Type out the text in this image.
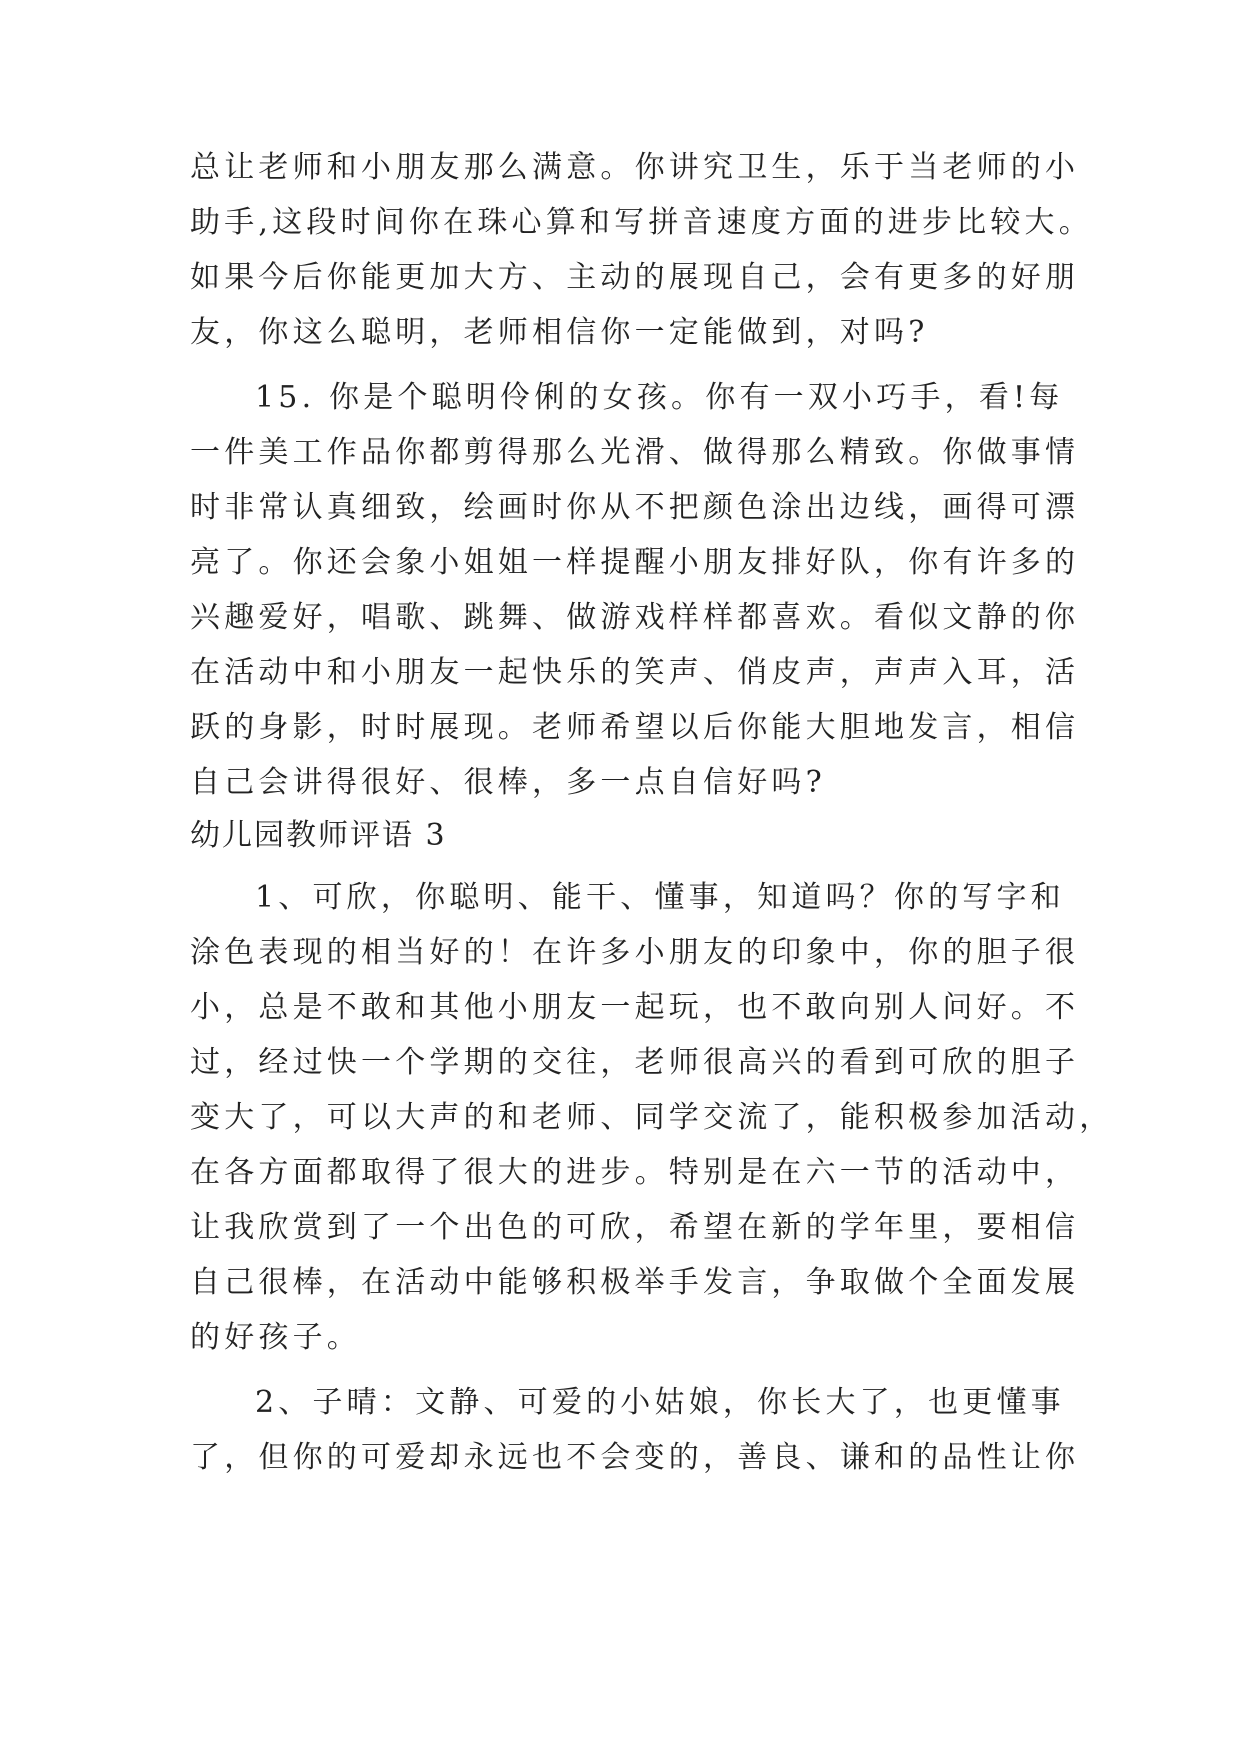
总让老师和小朋友那么满意。你讲究卫生，乐于当老师的小
助手,这段时间你在珠心算和写拼音速度方面的进步比较大。
如果今后你能更加大方、主动的展现自己，会有更多的好朋
友，你这么聪明，老师相信你一定能做到，对吗?
15. 你是个聪明伶俐的女孩。你有一双小巧手，看!每
一件美工作品你都剪得那么光滑、做得那么精致。你做事情
时非常认真细致，绘画时你从不把颜色涂出边线，画得可漂
亮了。你还会象小姐姐一样提醒小朋友排好队，你有许多的
兴趣爱好，唱歌、跳舞、做游戏样样都喜欢。看似文静的你
在活动中和小朋友一起快乐的笑声、俏皮声，声声入耳，活
跃的身影，时时展现。老师希望以后你能大胆地发言，相信
自己会讲得很好、很棒，多一点自信好吗?
幼儿园教师评语 3
1、可欣，你聪明、能干、懂事，知道吗？你的写字和
涂色表现的相当好的！在许多小朋友的印象中，你的胆子很
小，总是不敢和其他小朋友一起玩，也不敢向别人问好。不
过，经过快一个学期的交往，老师很高兴的看到可欣的胆子
变大了，可以大声的和老师、同学交流了，能积极参加活动，
在各方面都取得了很大的进步。特别是在六一节的活动中，
让我欣赏到了一个出色的可欣，希望在新的学年里，要相信
自己很棒，在活动中能够积极举手发言，争取做个全面发展
的好孩子。
2、子晴：文静、可爱的小姑娘，你长大了，也更懂事
了，但你的可爱却永远也不会变的，善良、谦和的品性让你
